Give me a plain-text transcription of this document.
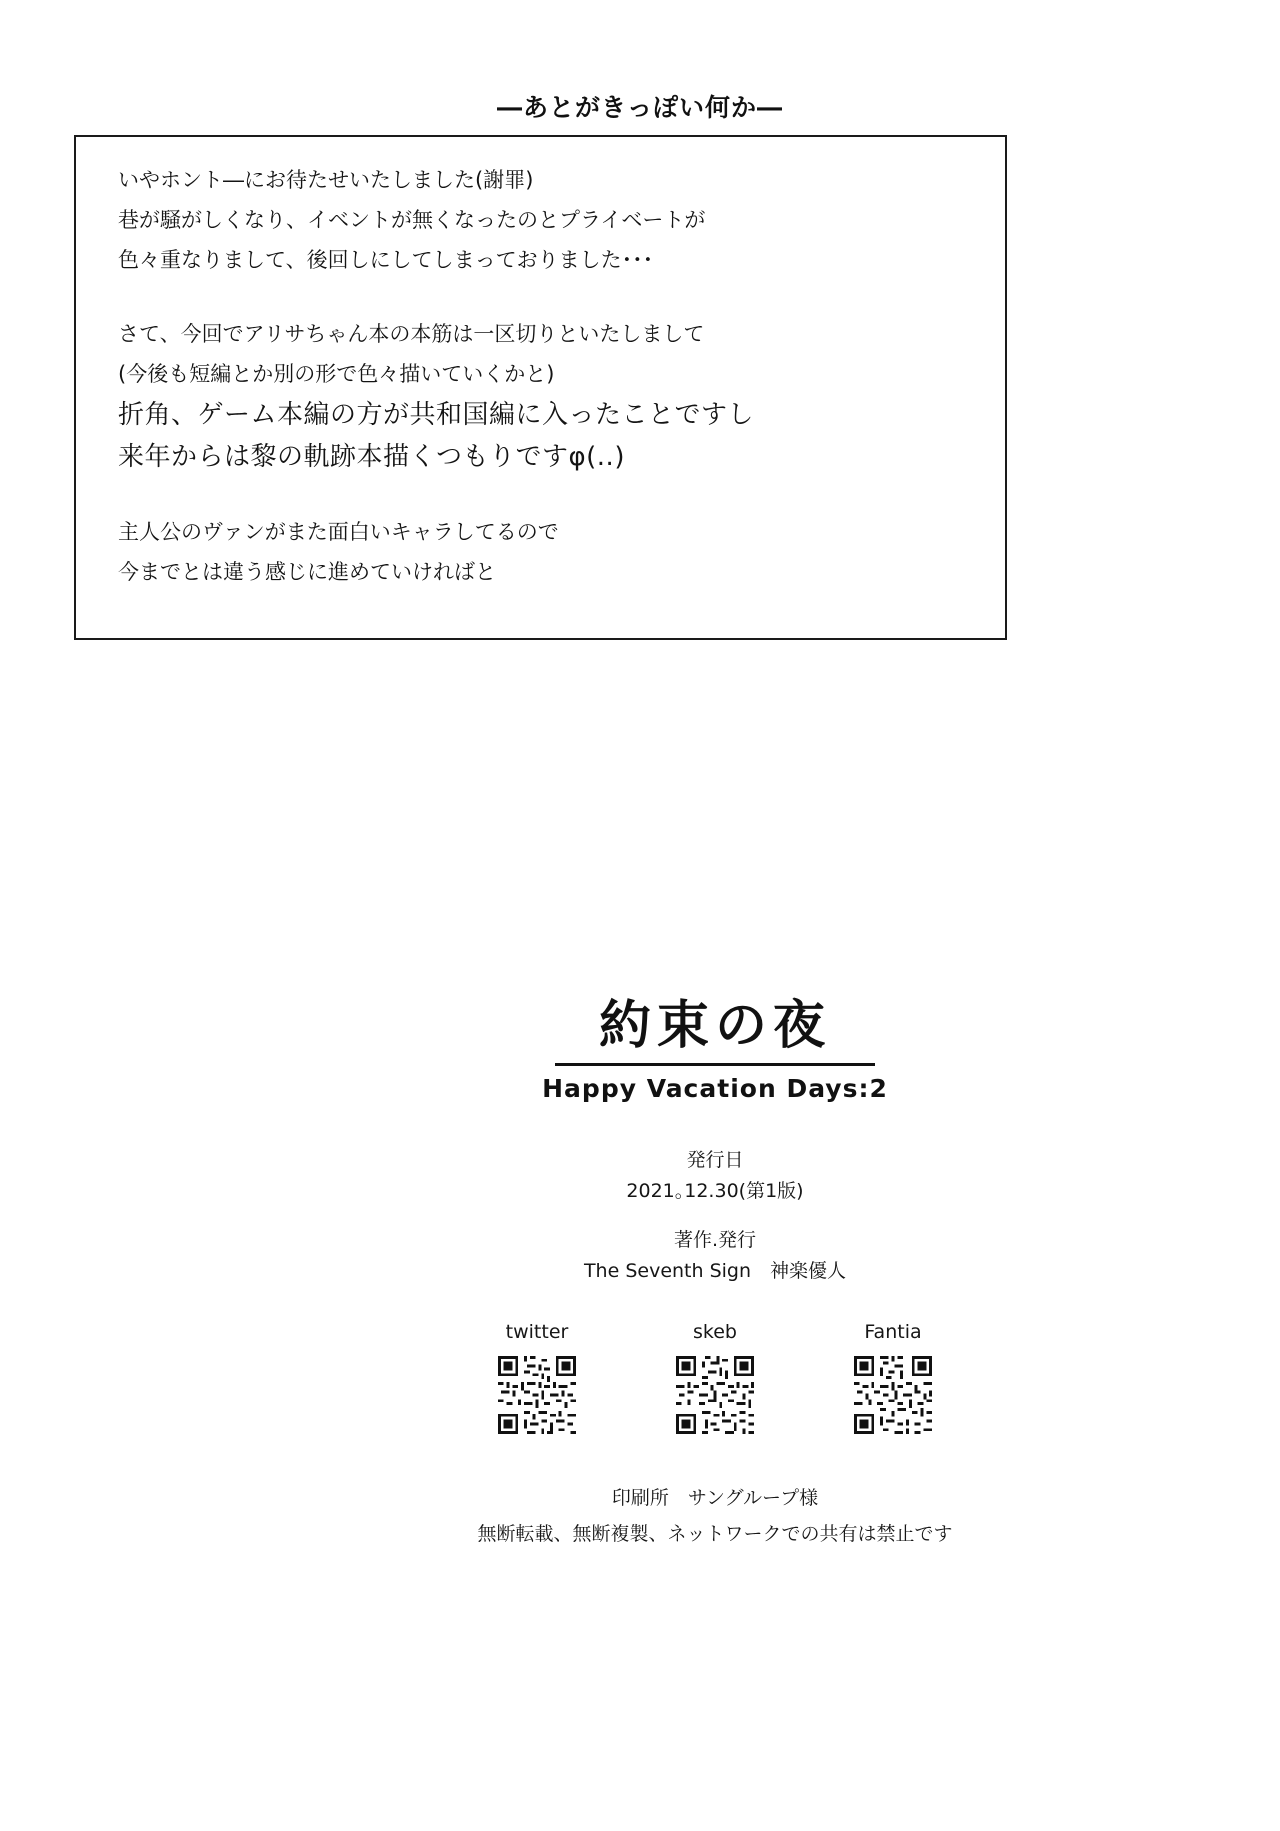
―あとがきっぽい何か―

いやホント―にお待たせいたしました(謝罪)

巷が騒がしくなり、イベントが無くなったのとプライベートが

色々重なりまして、後回しにしてしまっておりました･･･

さて、今回でアリサちゃん本の本筋は一区切りといたしまして

(今後も短編とか別の形で色々描いていくかと)

折角、ゲーム本編の方が共和国編に入ったことですし

来年からは黎の軌跡本描くつもりですφ(..)

主人公のヴァンがまた面白いキャラしてるので

今までとは違う感じに進めていければと

約束の夜
Happy Vacation Days:2
発行日
2021｡12.30(第1版)
著作.発行
The Seventh Sign　神楽優人
twitter	skeb	Fantia
印刷所　サングループ様
無断転載、無断複製、ネットワークでの共有は禁止です
